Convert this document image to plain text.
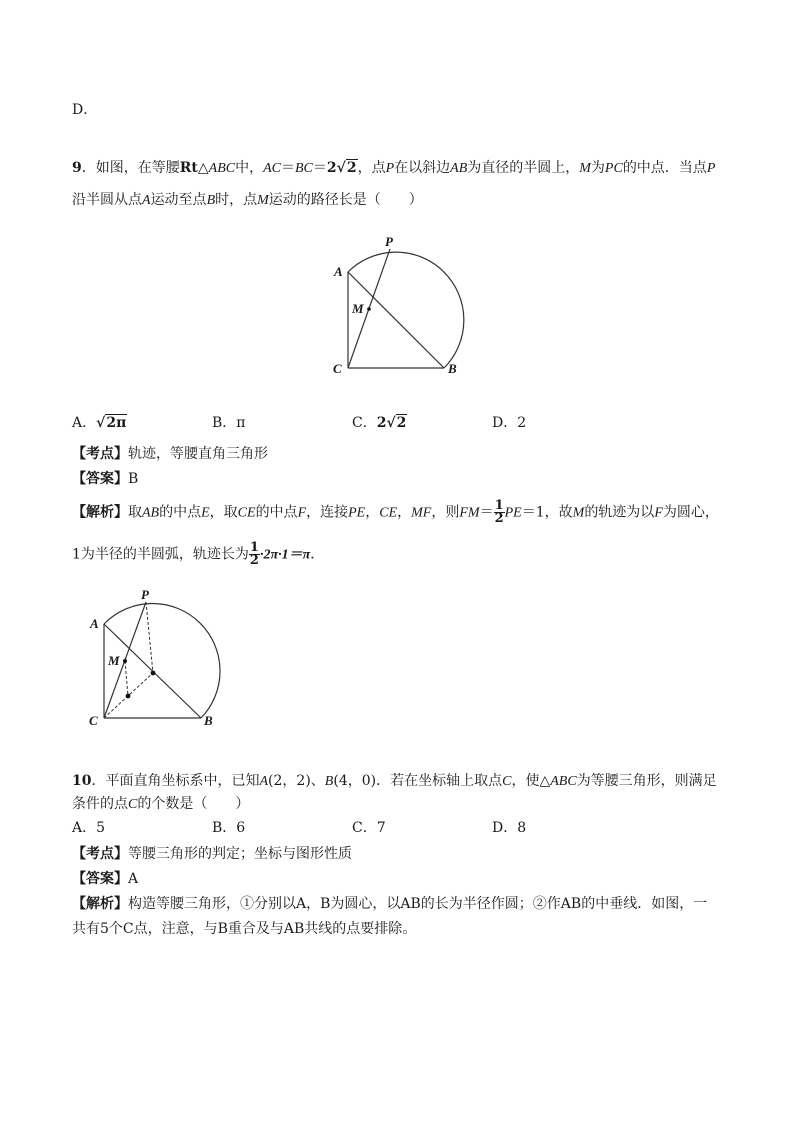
D．
9．如图，在等腰Rt△ABC中，AC＝BC＝2√2，点P在以斜边AB为直径的半圆上，M为PC的中点．当点P
沿半圆从点A运动至点B时，点M运动的路径长是（　　）
A
P
M
C	B
A．√2π	B．π	C．2√2	D．2
【考点】轨迹，等腰直角三角形
【答案】B
【解析】取AB的中点E，取CE的中点F，连接PE，CE，MF，则$FM= \frac{1}{2} PE=1$，故M的轨迹为以F为圆心，
1为半径的半圆弧，轨迹长为 $\frac{1}{2} \cdot 2\pi\cdot 1=\pi$．
A
P
M
C	B
10．平面直角坐标系中，已知A(2，2)、B(4，0)．若在坐标轴上取点C，使△ABC为等腰三角形，则满足
条件的点C的个数是（　　）
A．5	B．6	C．7	D．8
【考点】等腰三角形的判定；坐标与图形性质
【答案】A
【解析】构造等腰三角形，①分别以A，B为圆心，以AB的长为半径作圆；②作AB的中垂线．如图，一
共有5个C点，注意，与B重合及与AB共线的点要排除。
